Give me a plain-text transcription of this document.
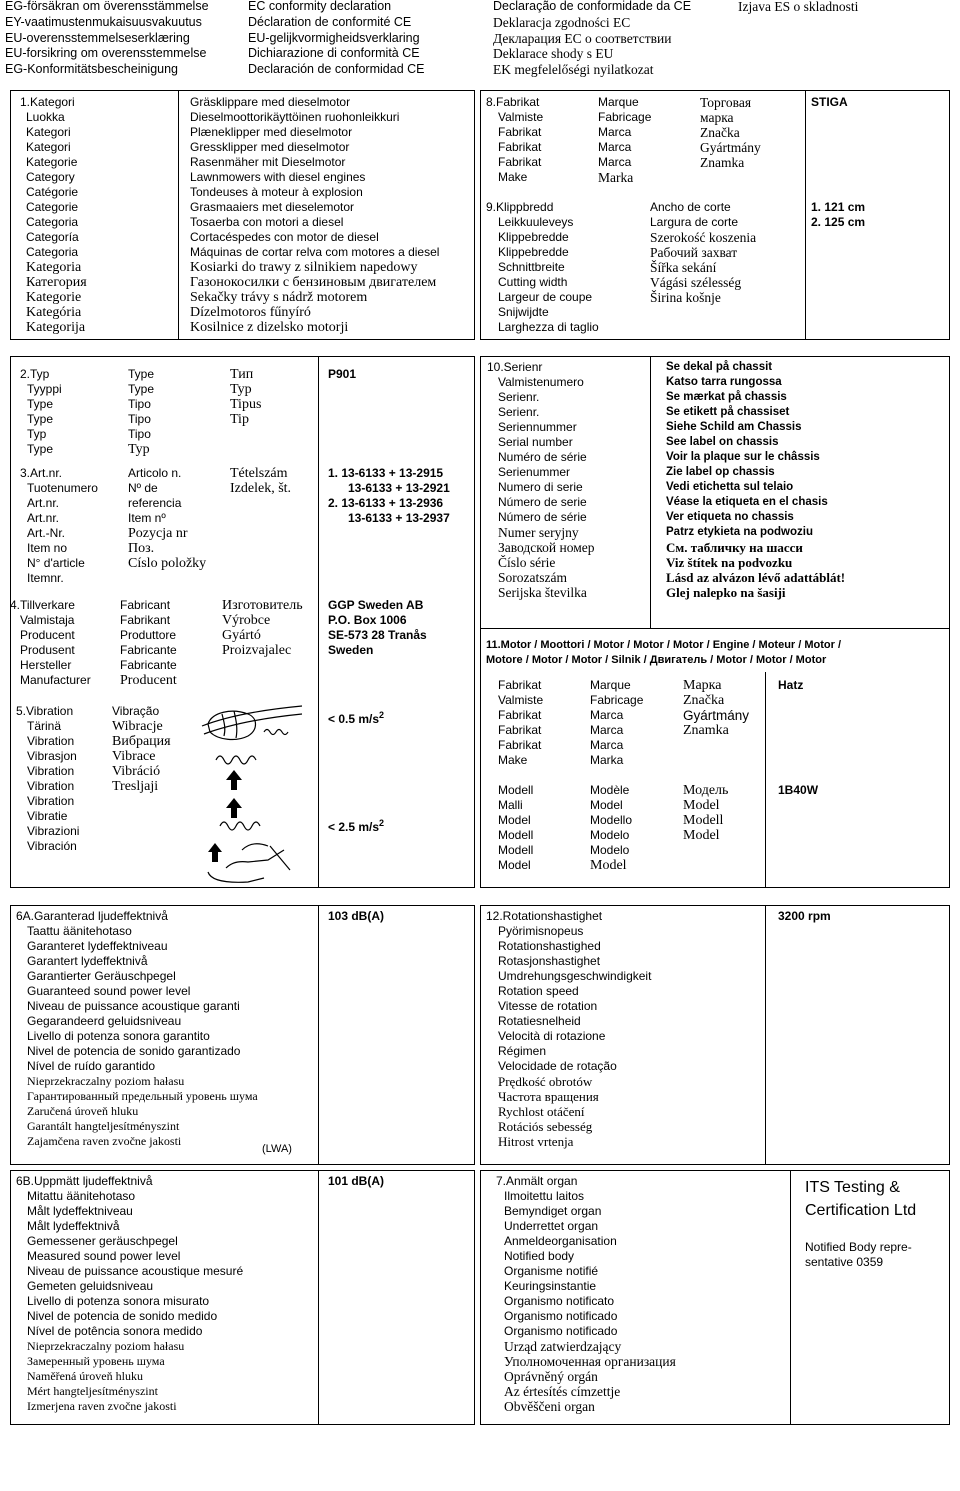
EG-försäkran om överensstämmelse
EY-vaatimustenmukaisuusvakuutus
EU-overensstemmelseserklæring
EU-forsikring om overensstemmelse
EG-Konformitätsbescheinigung
EC conformity declaration
Déclaration de conformité CE
EU-gelijkvormigheidsverklaring
Dichiarazione di conformità CE
Declaración de conformidad CE
Declaração de conformidade da CE
Deklaracja zgodności EC
Декларация ЕС о соответствии
Deklarace shody s EU
EK megfelelőségi nyilatkozat
Izjava ES o skladnosti
1.Kategori
Luokka
Kategori
Kategori
Kategorie
Category
Catégorie
Categorie
Categoria
Categoría
Categoria
Kategoria
Категория
Kategorie
Kategória
Kategorija
Gräsklippare med dieselmotor
Dieselmoottorikäyttöinen ruohonleikkuri
Plæneklipper med dieselmotor
Gressklipper med dieselmotor
Rasenmäher mit Dieselmotor
Lawnmowers with diesel engines
Tondeuses à moteur à explosion
Grasmaaiers met dieselemotor
Tosaerba con motori a diesel
Cortacéspedes con motor de diesel
Máquinas de cortar relva com motores a diesel
Kosiarki do trawy z silnikiem napedowy
Газонокосилки с бензиновым двигателем
Sekačky trávy s nádrž motorem
Dízelmotoros fűnyíró
Kosilnice z dizelsko motorji
8.Fabrikat
Valmiste
Fabrikat
Fabrikat
Fabrikat
Make
Marque
Fabricage
Marca
Marca
Marca
Marka
Торговая
марка
Značka
Gyártmány
Znamka
STIGA
9.Klippbredd
Leikkuuleveys
Klippebredde
Klippebredde
Schnittbreite
Cutting width
Largeur de coupe
Snijwijdte
Larghezza di taglio
Ancho de corte
Largura de corte
Szerokość koszenia
Рабочий захват
Šířka sekání
Vágási szélesség
Širina košnje
1. 121 cm
2. 125 cm
2.Typ
Tyyppi
Type
Type
Typ
Type
Type
Type
Tipo
Tipo
Tipo
Typ
Тип
Typ
Tipus
Tip
P901
3.Art.nr.
Tuotenumero
Art.nr.
Art.nr.
Art.-Nr.
Item no
N° d'article
Itemnr.
Articolo n.
Nº de
referencia
Item nº
Pozycja nr
Поз.
Císlo položky
Tételszám
Izdelek, št.
1. 13-6133 + 13-2915
13-6133 + 13-2921
2. 13-6133 + 13-2936
13-6133 + 13-2937
4.Tillverkare
Valmistaja
Producent
Produsent
Hersteller
Manufacturer
Fabricant
Fabrikant
Produttore
Fabricante
Fabricante
Producent
Изготовитель
Výrobce
Gyártó
Proizvajalec
GGP Sweden AB
P.O. Box 1006
SE-573 28 Tranås
Sweden
5.Vibration
Tärinä
Vibration
Vibrasjon
Vibration
Vibration
Vibration
Vibratie
Vibrazioni
Vibración
Vibração
Wibracje
Вибрация
Vibrace
Vibráció
Tresljaji
< 0.5 $m/s^2$
< 2.5 $m/s^2$
10.Serienr
Valmistenumero
Serienr.
Serienr.
Seriennummer
Serial number
Numéro de série
Serienummer
Numero di serie
Número de serie
Número de série
Numer seryjny
Заводской номер
Číslo série
Sorozatszám
Serijska številka
Se dekal på chassit
Katso tarra rungossa
Se mærkat på chassis
Se etikett på chassiset
Siehe Schild am Chassis
See label on chassis
Voir la plaque sur le châssis
Zie label op chassis
Vedi etichetta sul telaio
Véase la etiqueta en el chasis
Ver etiqueta no chassis
Patrz etykieta na podwoziu
См. табличку на шасси
Viz štítek na podvozku
Lásd az alvázon lévő adattáblát!
Glej nalepko na šasiji
11.Motor / Moottori / Motor / Motor / Motor / Engine / Moteur / Motor /
Motore / Motor / Motor / Silnik / Двигатель / Motor / Motor / Motor
Fabrikat
Valmiste
Fabrikat
Fabrikat
Fabrikat
Make
Marque
Fabricage
Marca
Marca
Marca
Marka
Марка
Značka
Gyártmány
Znamka
Hatz
Modell
Malli
Model
Modell
Modell
Model
Modèle
Model
Modello
Modelo
Modelo
Model
Модель
Model
Modell
Model
1B40W
6A.Garanterad ljudeffektnivå
Taattu äänitehotaso
Garanteret lydeffektniveau
Garantert lydeffektnivå
Garantierter Geräuschpegel
Guaranteed sound power level
Niveau de puissance acoustique garanti
Gegarandeerd geluidsniveau
Livello di potenza sonora garantito
Nivel de potencia de sonido garantizado
Nível de ruído garantido
Nieprzekraczalny poziom hałasu
Гарантированный предельный уровень шума
Zaručená úroveň hluku
Garantált hangteljesítményszint
Zajamčena raven zvočne jakosti
103 dB(A)
(LWA)
12.Rotationshastighet
Pyörimisnopeus
Rotationshastighed
Rotasjonshastighet
Umdrehungsgeschwindigkeit
Rotation speed
Vitesse de rotation
Rotatiesnelheid
Velocità di rotazione
Régimen
Velocidade de rotação
Prędkość obrotów
Частота вращения
Rychlost otáčení
Rotációs sebesség
Hitrost vrtenja
3200 rpm
6B.Uppmätt ljudeffektnivå
Mitattu äänitehotaso
Målt lydeffektniveau
Målt lydeffektnivå
Gemessener geräuschpegel
Measured sound power level
Niveau de puissance acoustique mesuré
Gemeten geluidsniveau
Livello di potenza sonora misurato
Nivel de potencia de sonido medido
Nível de potência sonora medido
Nieprzekraczalny poziom hałasu
Замеренный уровень шума
Naměřená úroveň hluku
Mért hangteljesítményszint
Izmerjena raven zvočne jakosti
101 dB(A)	7.Anmält organ
Ilmoitettu laitos
Bemyndiget organ
Underrettet organ
Anmeldeorganisation
Notified body
Organisme notifié
Keuringsinstantie
Organismo notificato
Organismo notificado
Organismo notificado
Urząd zatwierdzający
Уполномоченная организация
Oprávněný orgán
Az értesítés címzettje
Obvěščeni organ
ITS Testing &
Certification Ltd
Notified Body repre-
sentative 0359
